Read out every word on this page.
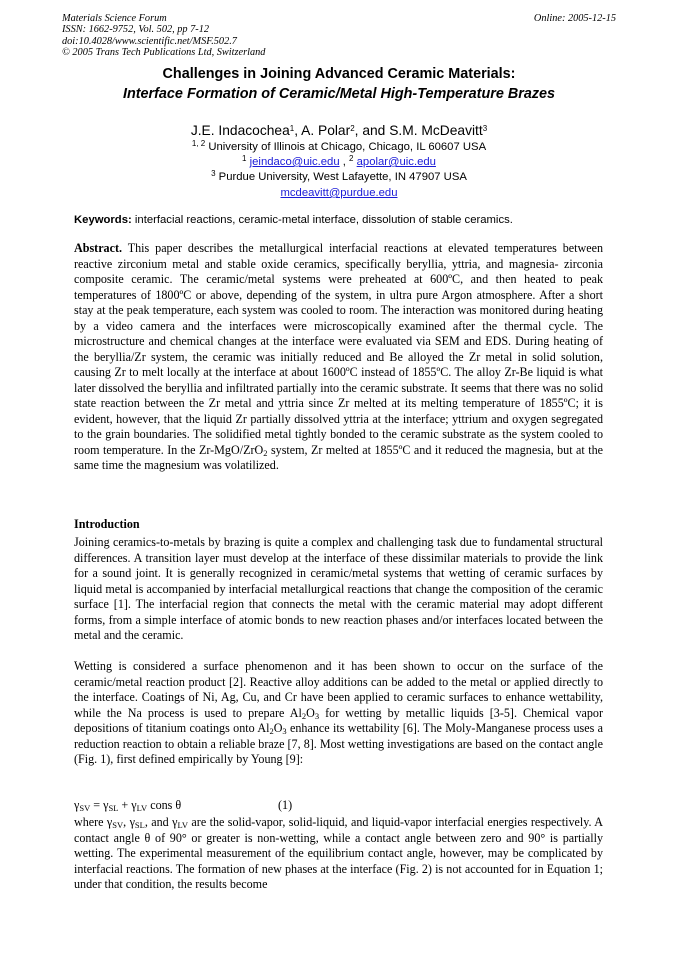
Materials Science Forum
ISSN: 1662-9752, Vol. 502, pp 7-12
doi:10.4028/www.scientific.net/MSF.502.7
© 2005 Trans Tech Publications Ltd, Switzerland
Online: 2005-12-15
Challenges in Joining Advanced Ceramic Materials:
Interface Formation of Ceramic/Metal High-Temperature Brazes
J.E. Indacochea$^1$, A. Polar$^2$, and S.M. McDeavitt$^3$
$^{1, 2}$ University of Illinois at Chicago, Chicago, IL 60607 USA
$^1$ jeindaco@uic.edu , $^2$ apolar@uic.edu
$^3$ Purdue University, West Lafayette, IN 47907 USA
mcdeavitt@purdue.edu
Keywords: interfacial reactions, ceramic-metal interface, dissolution of stable ceramics.
Abstract. This paper describes the metallurgical interfacial reactions at elevated temperatures between reactive zirconium metal and stable oxide ceramics, specifically beryllia, yttria, and magnesia- zirconia composite ceramic. The ceramic/metal systems were preheated at 600ºC, and then heated to peak temperatures of 1800ºC or above, depending of the system, in ultra pure Argon atmosphere. After a short stay at the peak temperature, each system was cooled to room. The interaction was monitored during heating by a video camera and the interfaces were microscopically examined after the thermal cycle. The microstructure and chemical changes at the interface were evaluated via SEM and EDS. During heating of the beryllia/Zr system, the ceramic was initially reduced and Be alloyed the Zr metal in solid solution, causing Zr to melt locally at the interface at about 1600ºC instead of 1855ºC. The alloy Zr-Be liquid is what later dissolved the beryllia and infiltrated partially into the ceramic substrate. It seems that there was no solid state reaction between the Zr metal and yttria since Zr melted at its melting temperature of 1855ºC; it is evident, however, that the liquid Zr partially dissolved yttria at the interface; yttrium and oxygen segregated to the grain boundaries. The solidified metal tightly bonded to the ceramic substrate as the system cooled to room temperature. In the Zr-MgO/ZrO$_2$ system, Zr melted at 1855ºC and it reduced the magnesia, but at the same time the magnesium was volatilized.
Introduction
Joining ceramics-to-metals by brazing is quite a complex and challenging task due to fundamental structural differences. A transition layer must develop at the interface of these dissimilar materials to provide the link for a sound joint. It is generally recognized in ceramic/metal systems that wetting of ceramic surfaces by liquid metal is accompanied by interfacial metallurgical reactions that change the composition of the ceramic surface [1]. The interfacial region that connects the metal with the ceramic material may adopt different forms, from a simple interface of atomic bonds to new reaction phases and/or interfaces located between the metal and the ceramic.
Wetting is considered a surface phenomenon and it has been shown to occur on the surface of the ceramic/metal reaction product [2]. Reactive alloy additions can be added to the metal or applied directly to the interface. Coatings of Ni, Ag, Cu, and Cr have been applied to ceramic surfaces to enhance wettability, while the Na process is used to prepare $Al_2O_3$ for wetting by metallic liquids [3-5]. Chemical vapor depositions of titanium coatings onto $Al_2O_3$ enhance its wettability [6]. The Moly-Manganese process uses a reduction reaction to obtain a reliable braze [7, 8]. Most wetting investigations are based on the contact angle (Fig. 1), first defined empirically by Young [9]:
$\gamma_{SV} = \gamma_{SL} + \gamma_{LV}$ cons θ	(1)
where $\gamma_{SV}$, $\gamma_{SL}$, and $\gamma_{LV}$ are the solid-vapor, solid-liquid, and liquid-vapor interfacial energies respectively. A contact angle θ of 90° or greater is non-wetting, while a contact angle between zero and 90° is partially wetting. The experimental measurement of the equilibrium contact angle, however, may be complicated by interfacial reactions. The formation of new phases at the interface (Fig. 2) is not accounted for in Equation 1; under that condition, the results become
